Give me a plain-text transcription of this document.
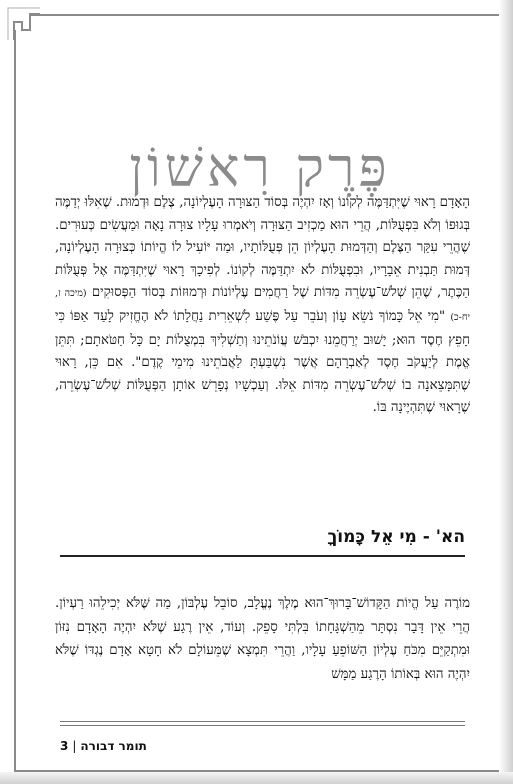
פֶּרֶק רִאשׁוֹן

הָאָדָם רָאוּי שֶׁיִּתְדַּמֶּה לְקוֹנוֹ וְאָז יִהְיֶה בְּסוֹד הַצּוּרָה הָעֶלְיוֹנָה, צֶלֶם וּדְמוּת. שֶׁאִלּוּ יְדַמֶּה בְּגוּפוֹ וְלֹא בִּפְעֻלּוֹת, הֲרֵי הוּא מַכְזִיב הַצּוּרָה וְיֹאמְרוּ עָלָיו צוּרָה נָאָה וּמַעֲשִׂים כְּעוּרִים. שֶׁהֲרֵי עִקַּר הַצֶּלֶם וְהַדְּמוּת הָעֶלְיוֹן הֵן פְּעֻלּוֹתָיו, וּמַה יּוֹעִיל לוֹ הֱיוֹתוֹ כְּצוּרָה הָעֶלְיוֹנָה, דְּמוּת תַּבְנִית אֵבָרָיו, וּבִפְעֻלּוֹת לֹא יִתְדַּמֶּה לְקוֹנוֹ. לְפִיכָךְ רָאוּי שֶׁיִּתְדַּמֶּה אֶל פְּעֻלּוֹת הַכֶּתֶר, שֶׁהֵן שְׁלֹשׁ־עֶשְׂרֵה מִדּוֹת שֶׁל רַחֲמִים עֶלְיוֹנוֹת וּרְמוּזוֹת בְּסוֹד הַפְּסוּקִים (מיכה ז, יח-כ) "מִי אֵל כָּמוֹךָ נֹשֵׂא עָוֹן וְעֹבֵר עַל פֶּשַׁע לִשְׁאֵרִית נַחֲלָתוֹ לֹא הֶחֱזִיק לָעַד אַפּוֹ כִּי חָפֵץ חֶסֶד הוּא; יָשׁוּב יְרַחֲמֵנוּ יִכְבֹּשׁ עֲוֹנֹתֵינוּ וְתַשְׁלִיךְ בִּמְצֻלוֹת יָם כָּל חַטֹּאתָם; תִּתֵּן אֱמֶת לְיַעֲקֹב חֶסֶד לְאַבְרָהָם אֲשֶׁר נִשְׁבַּעְתָּ לַאֲבֹתֵינוּ מִימֵי קֶדֶם". אִם כֵּן, רָאוּי שֶׁתִּמָּצֵאנָה בוֹ שְׁלֹשׁ־עֶשְׂרֵה מִדּוֹת אֵלּוּ. וְעַכְשָׁיו נְפָרֵשׁ אוֹתָן הַפְּעֻלּוֹת שְׁלֹשׁ־עֶשְׂרֵה, שֶׁרָאוּי שֶׁתִּהְיֶינָה בּוֹ.

הא' - מִי אֵל כָּמוֹךָ

מוֹרֶה עַל הֱיוֹת הַקָּדוֹשׁ־בָּרוּךְ־הוּא מֶלֶךְ נֶעֱלָב, סוֹבֵל עֶלְבּוֹן, מַה שֶּׁלֹּא יְכִילֵהוּ רַעְיוֹן. הֲרֵי אֵין דָּבָר נִסְתָּר מֵהַשְׁגָּחָתוֹ בִּלְתִּי סָפֵק. וְעוֹד, אֵין רֶגַע שֶׁלֹּא יִהְיֶה הָאָדָם נִזּוֹן וּמִתְקַיֵּם מִכֹּחַ עֶלְיוֹן הַשּׁוֹפֵעַ עָלָיו, וַהֲרֵי תִּמְצָא שֶׁמֵּעוֹלָם לֹא חָטָא אָדָם נֶגְדּוֹ שֶׁלֹּא יִהְיֶה הוּא בְּאוֹתוֹ הָרֶגַע מַמָּשׁ

תומר דבורה|3
